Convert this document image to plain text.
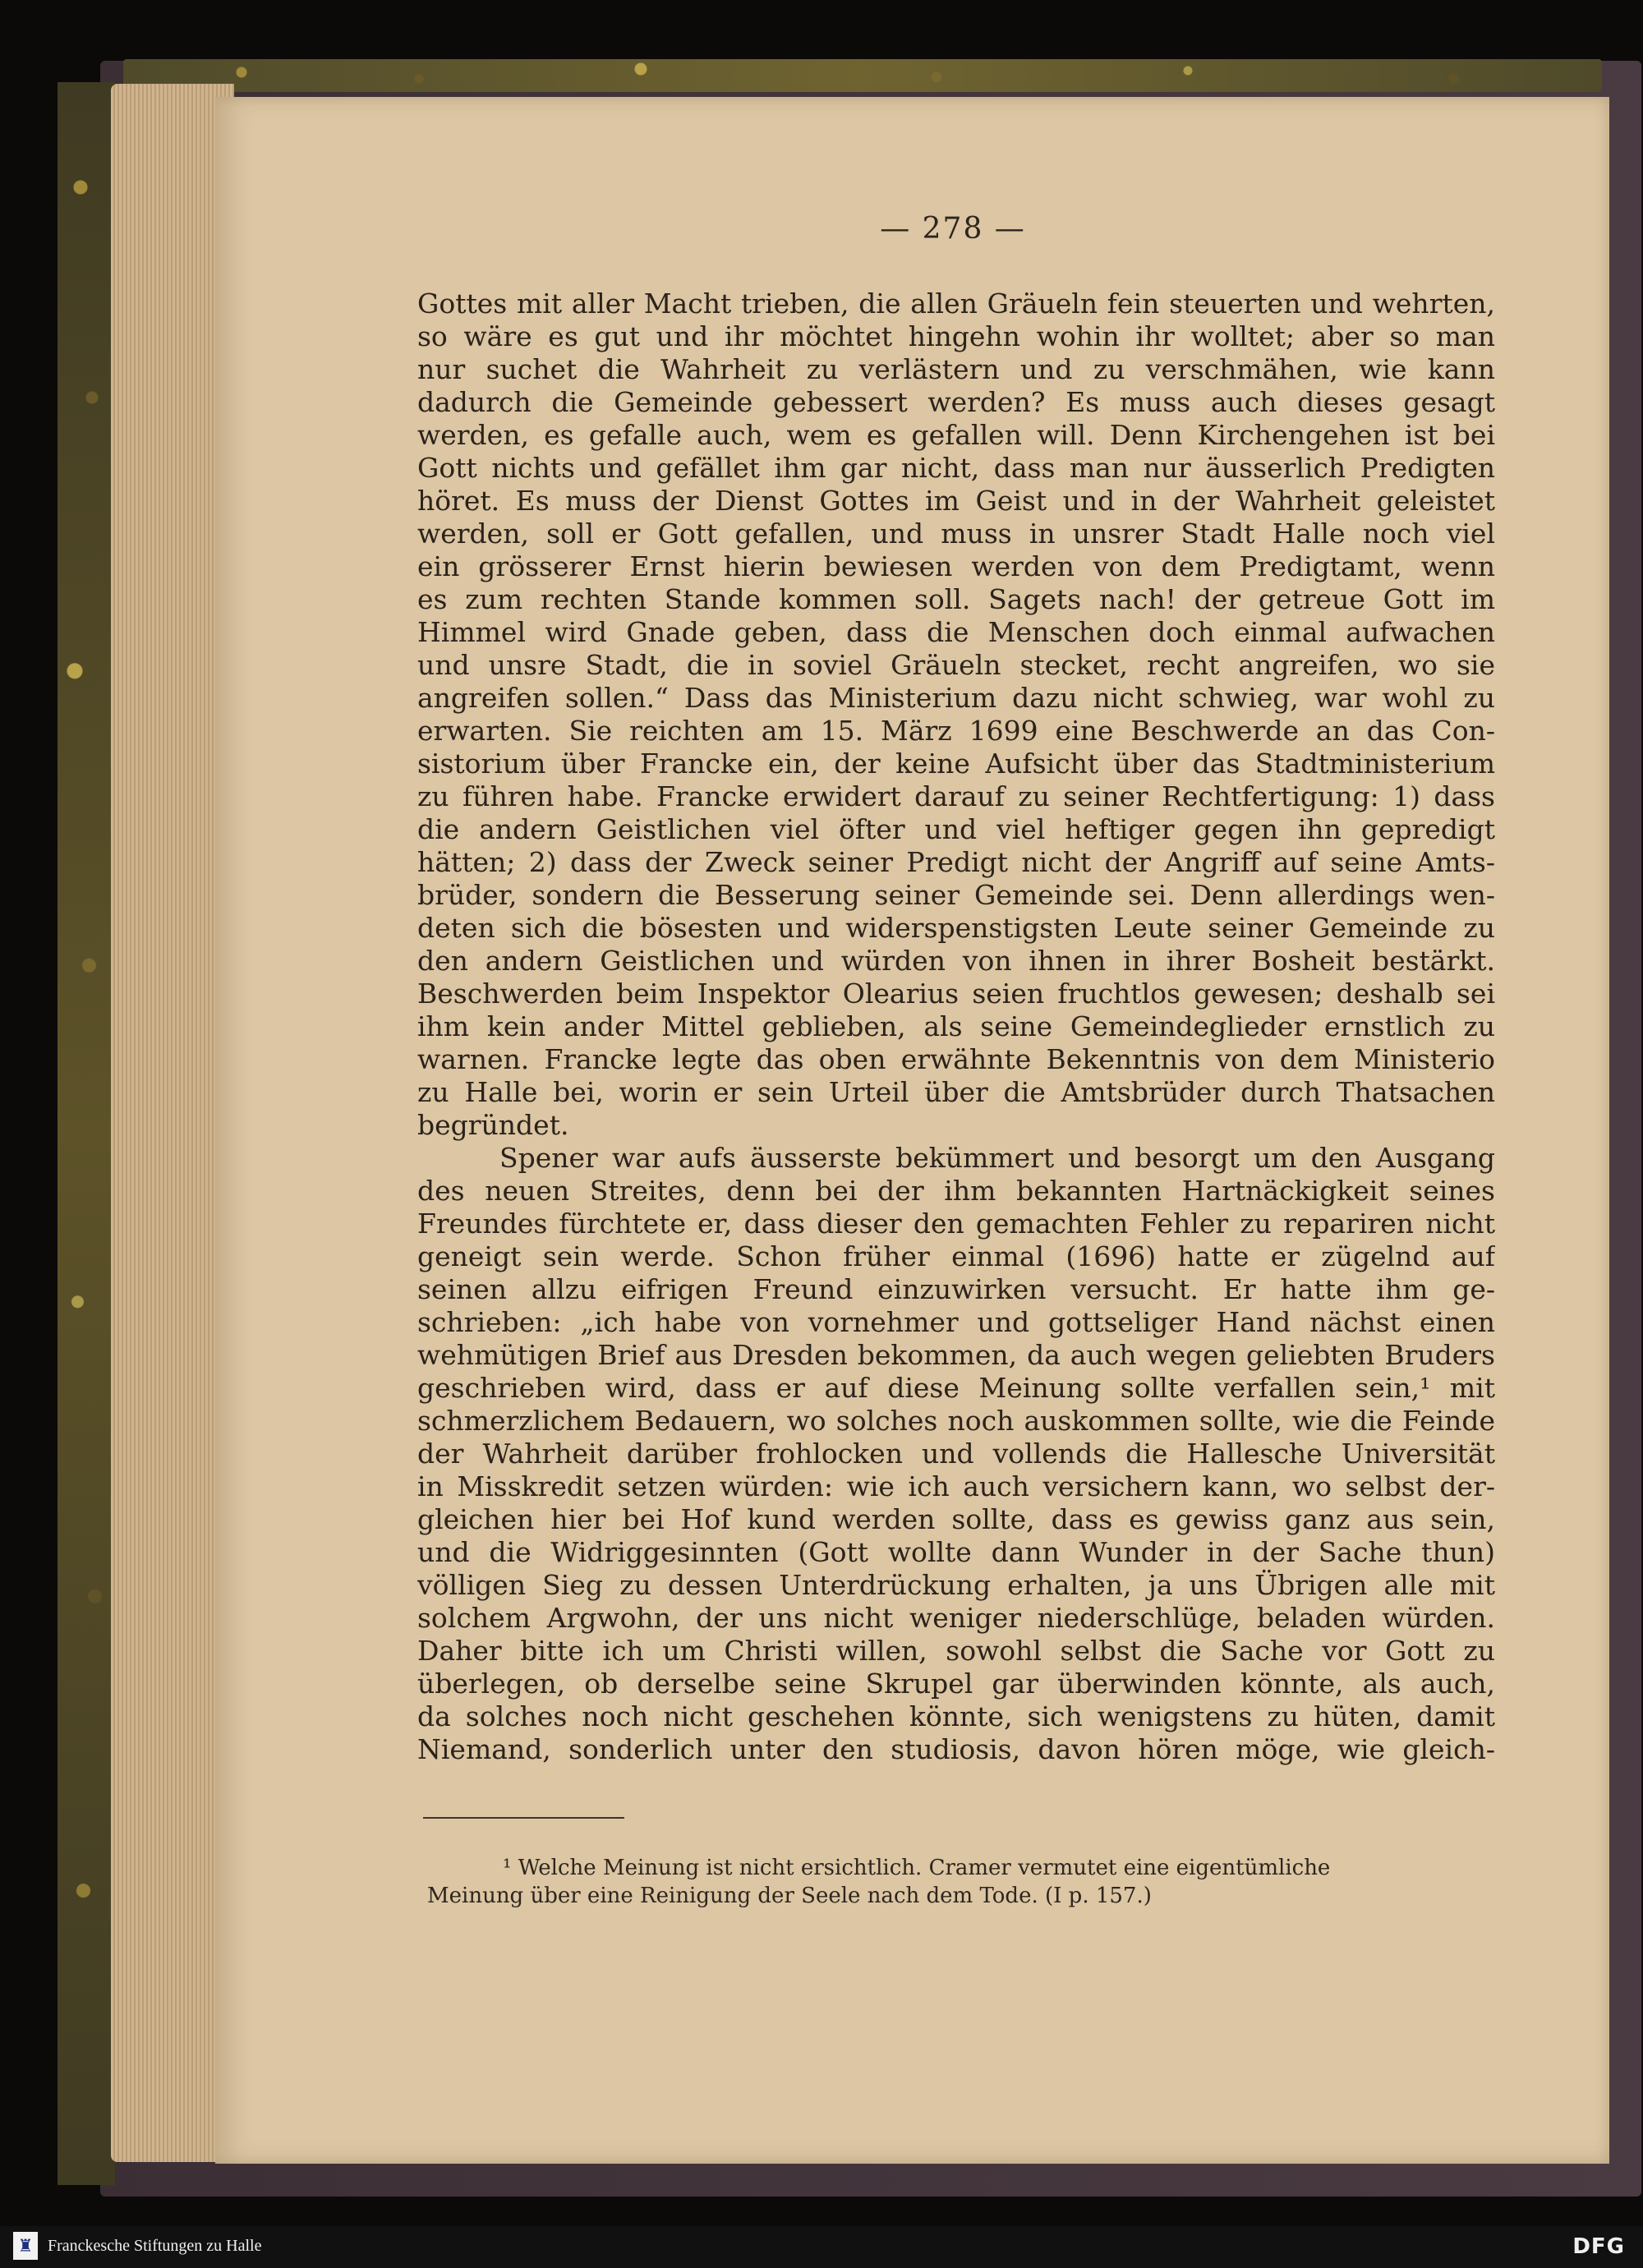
— 278 —
Gottes mit aller Macht trieben, die allen Gräueln fein steuerten und wehrten,
so wäre es gut und ihr möchtet hingehn wohin ihr wolltet; aber so man
nur suchet die Wahrheit zu verlästern und zu verschmähen, wie kann
dadurch die Gemeinde gebessert werden? Es muss auch dieses gesagt
werden, es gefalle auch, wem es gefallen will. Denn Kirchengehen ist bei
Gott nichts und gefället ihm gar nicht, dass man nur äusserlich Predigten
höret. Es muss der Dienst Gottes im Geist und in der Wahrheit geleistet
werden, soll er Gott gefallen, und muss in unsrer Stadt Halle noch viel
ein grösserer Ernst hierin bewiesen werden von dem Predigtamt, wenn
es zum rechten Stande kommen soll. Sagets nach! der getreue Gott im
Himmel wird Gnade geben, dass die Menschen doch einmal aufwachen
und unsre Stadt, die in soviel Gräueln stecket, recht angreifen, wo sie
angreifen sollen.“ Dass das Ministerium dazu nicht schwieg, war wohl zu
erwarten. Sie reichten am 15. März 1699 eine Beschwerde an das Con-
sistorium über Francke ein, der keine Aufsicht über das Stadtministerium
zu führen habe. Francke erwidert darauf zu seiner Rechtfertigung: 1) dass
die andern Geistlichen viel öfter und viel heftiger gegen ihn gepredigt
hätten; 2) dass der Zweck seiner Predigt nicht der Angriff auf seine Amts-
brüder, sondern die Besserung seiner Gemeinde sei. Denn allerdings wen-
deten sich die bösesten und widerspenstigsten Leute seiner Gemeinde zu
den andern Geistlichen und würden von ihnen in ihrer Bosheit bestärkt.
Beschwerden beim Inspektor Olearius seien fruchtlos gewesen; deshalb sei
ihm kein ander Mittel geblieben, als seine Gemeindeglieder ernstlich zu
warnen. Francke legte das oben erwähnte Bekenntnis von dem Ministerio
zu Halle bei, worin er sein Urteil über die Amtsbrüder durch Thatsachen
begründet.
Spener war aufs äusserste bekümmert und besorgt um den Ausgang
des neuen Streites, denn bei der ihm bekannten Hartnäckigkeit seines
Freundes fürchtete er, dass dieser den gemachten Fehler zu repariren nicht
geneigt sein werde. Schon früher einmal (1696) hatte er zügelnd auf
seinen allzu eifrigen Freund einzuwirken versucht. Er hatte ihm ge-
schrieben: „ich habe von vornehmer und gottseliger Hand nächst einen
wehmütigen Brief aus Dresden bekommen, da auch wegen geliebten Bruders
geschrieben wird, dass er auf diese Meinung sollte verfallen sein,¹ mit
schmerzlichem Bedauern, wo solches noch auskommen sollte, wie die Feinde
der Wahrheit darüber frohlocken und vollends die Hallesche Universität
in Misskredit setzen würden: wie ich auch versichern kann, wo selbst der-
gleichen hier bei Hof kund werden sollte, dass es gewiss ganz aus sein,
und die Widriggesinnten (Gott wollte dann Wunder in der Sache thun)
völligen Sieg zu dessen Unterdrückung erhalten, ja uns Übrigen alle mit
solchem Argwohn, der uns nicht weniger niederschlüge, beladen würden.
Daher bitte ich um Christi willen, sowohl selbst die Sache vor Gott zu
überlegen, ob derselbe seine Skrupel gar überwinden könnte, als auch,
da solches noch nicht geschehen könnte, sich wenigstens zu hüten, damit
Niemand, sonderlich unter den studiosis, davon hören möge, wie gleich-
¹ Welche Meinung ist nicht ersichtlich. Cramer vermutet eine eigentümliche
Meinung über eine Reinigung der Seele nach dem Tode. (I p. 157.)
♜ Franckesche Stiftungen zu Halle	DFG
